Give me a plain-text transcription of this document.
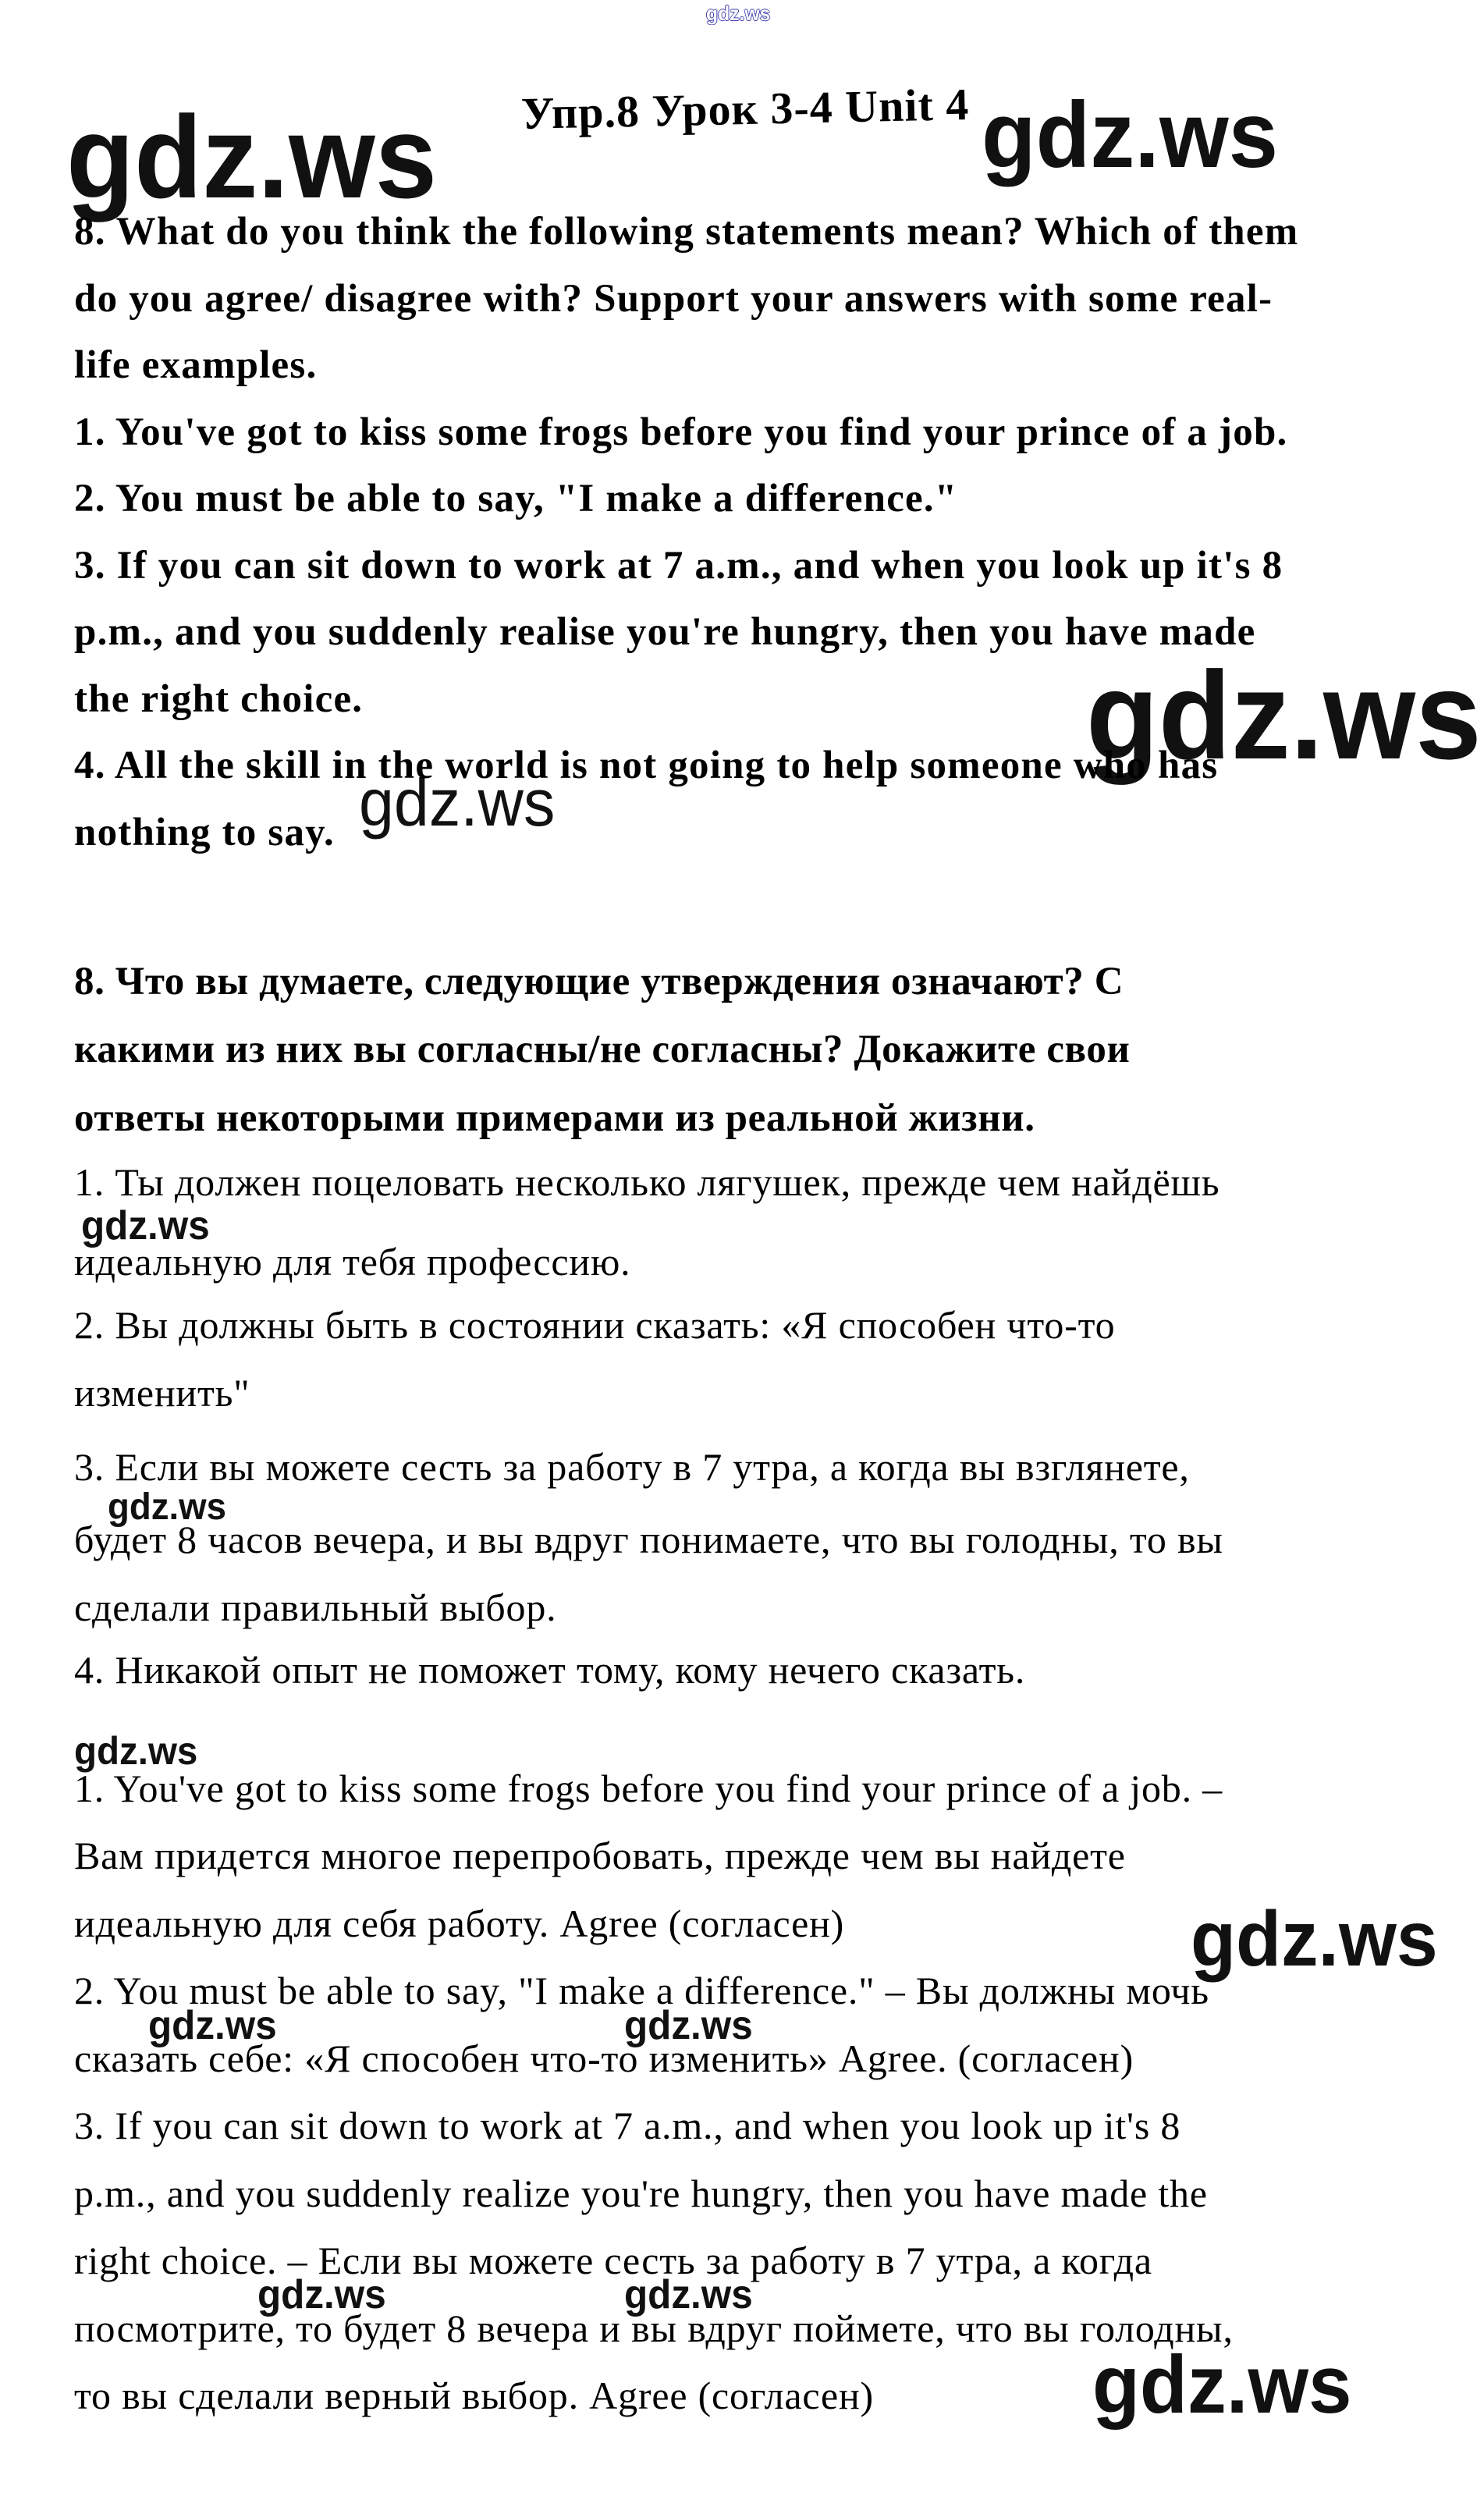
gdz.ws
gdz.ws	gdz.ws
gdz.ws
gdz.ws
gdz.ws
gdz.ws
gdz.ws
gdz.ws
gdz.ws	gdz.ws
gdz.ws	gdz.ws
gdz.ws
Упр.8 Урок 3-4 Unit 4
8. What do you think the following statements mean? Which of them
do you agree/ disagree with? Support your answers with some real-
life examples.
1. You've got to kiss some frogs before you find your prince of a job.
2. You must be able to say, "I make a difference."
3. If you can sit down to work at 7 a.m., and when you look up it's 8
p.m., and you suddenly realise you're hungry, then you have made
the right choice.
4. All the skill in the world is not going to help someone who has
nothing to say.
8. Что вы думаете, следующие утверждения означают? С
какими из них вы согласны/не согласны? Докажите свои
ответы некоторыми примерами из реальной жизни.
1. Ты должен поцеловать несколько лягушек, прежде чем найдёшь
идеальную для тебя профессию.
2. Вы должны быть в состоянии сказать: «Я способен что-то
изменить"
3. Если вы можете сесть за работу в 7 утра, а когда вы взглянете,
будет 8 часов вечера, и вы вдруг понимаете, что вы голодны, то вы
сделали правильный выбор.
4. Никакой опыт не поможет тому, кому нечего сказать.
1. You've got to kiss some frogs before you find your prince of a job. –
Вам придется многое перепробовать, прежде чем вы найдете
идеальную для себя работу. Agree (согласен)
2. You must be able to say, "I make a difference." – Вы должны мочь
сказать себе: «Я способен что-то изменить» Agree. (согласен)
3. If you can sit down to work at 7 a.m., and when you look up it's 8
p.m., and you suddenly realize you're hungry, then you have made the
right choice. – Если вы можете сесть за работу в 7 утра, а когда
посмотрите, то будет 8 вечера и вы вдруг поймете, что вы голодны,
то вы сделали верный выбор. Agree (согласен)
